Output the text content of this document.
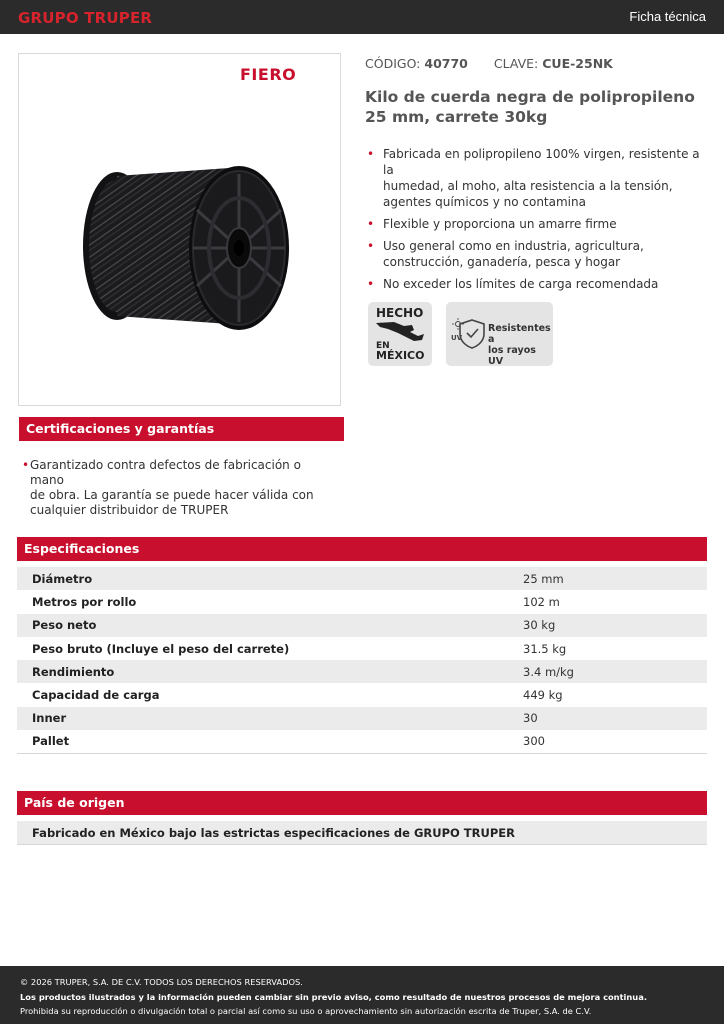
GRUPO TRUPER	Ficha técnica
FIERO
CÓDIGO: 40770 CLAVE: CUE-25NK
Kilo de cuerda negra de polipropileno
25 mm, carrete 30kg
• Fabricada en polipropileno 100% virgen, resistente a la
humedad, al moho, alta resistencia a la tensión,
agentes químicos y no contamina
• Flexible y proporciona un amarre firme
• Uso general como en industria, agricultura,
construcción, ganadería, pesca y hogar
• No exceder los límites de carga recomendada
HECHO
EN
MÉXICO
UV
Resistentes a
los rayos UV
Certificaciones y garantías
• Garantizado contra defectos de fabricación o mano
de obra. La garantía se puede hacer válida con
cualquier distribuidor de TRUPER
Especificaciones
Diámetro	25 mm
Metros por rollo	102 m
Peso neto	30 kg
Peso bruto (Incluye el peso del carrete)	31.5 kg
Rendimiento	3.4 m/kg
Capacidad de carga	449 kg
Inner	30
Pallet	300
País de origen
Fabricado en México bajo las estrictas especificaciones de GRUPO TRUPER
© 2026 TRUPER, S.A. DE C.V. TODOS LOS DERECHOS RESERVADOS.
Los productos ilustrados y la información pueden cambiar sin previo aviso, como resultado de nuestros procesos de mejora continua.
Prohibida su reproducción o divulgación total o parcial así como su uso o aprovechamiento sin autorización escrita de Truper, S.A. de C.V.
